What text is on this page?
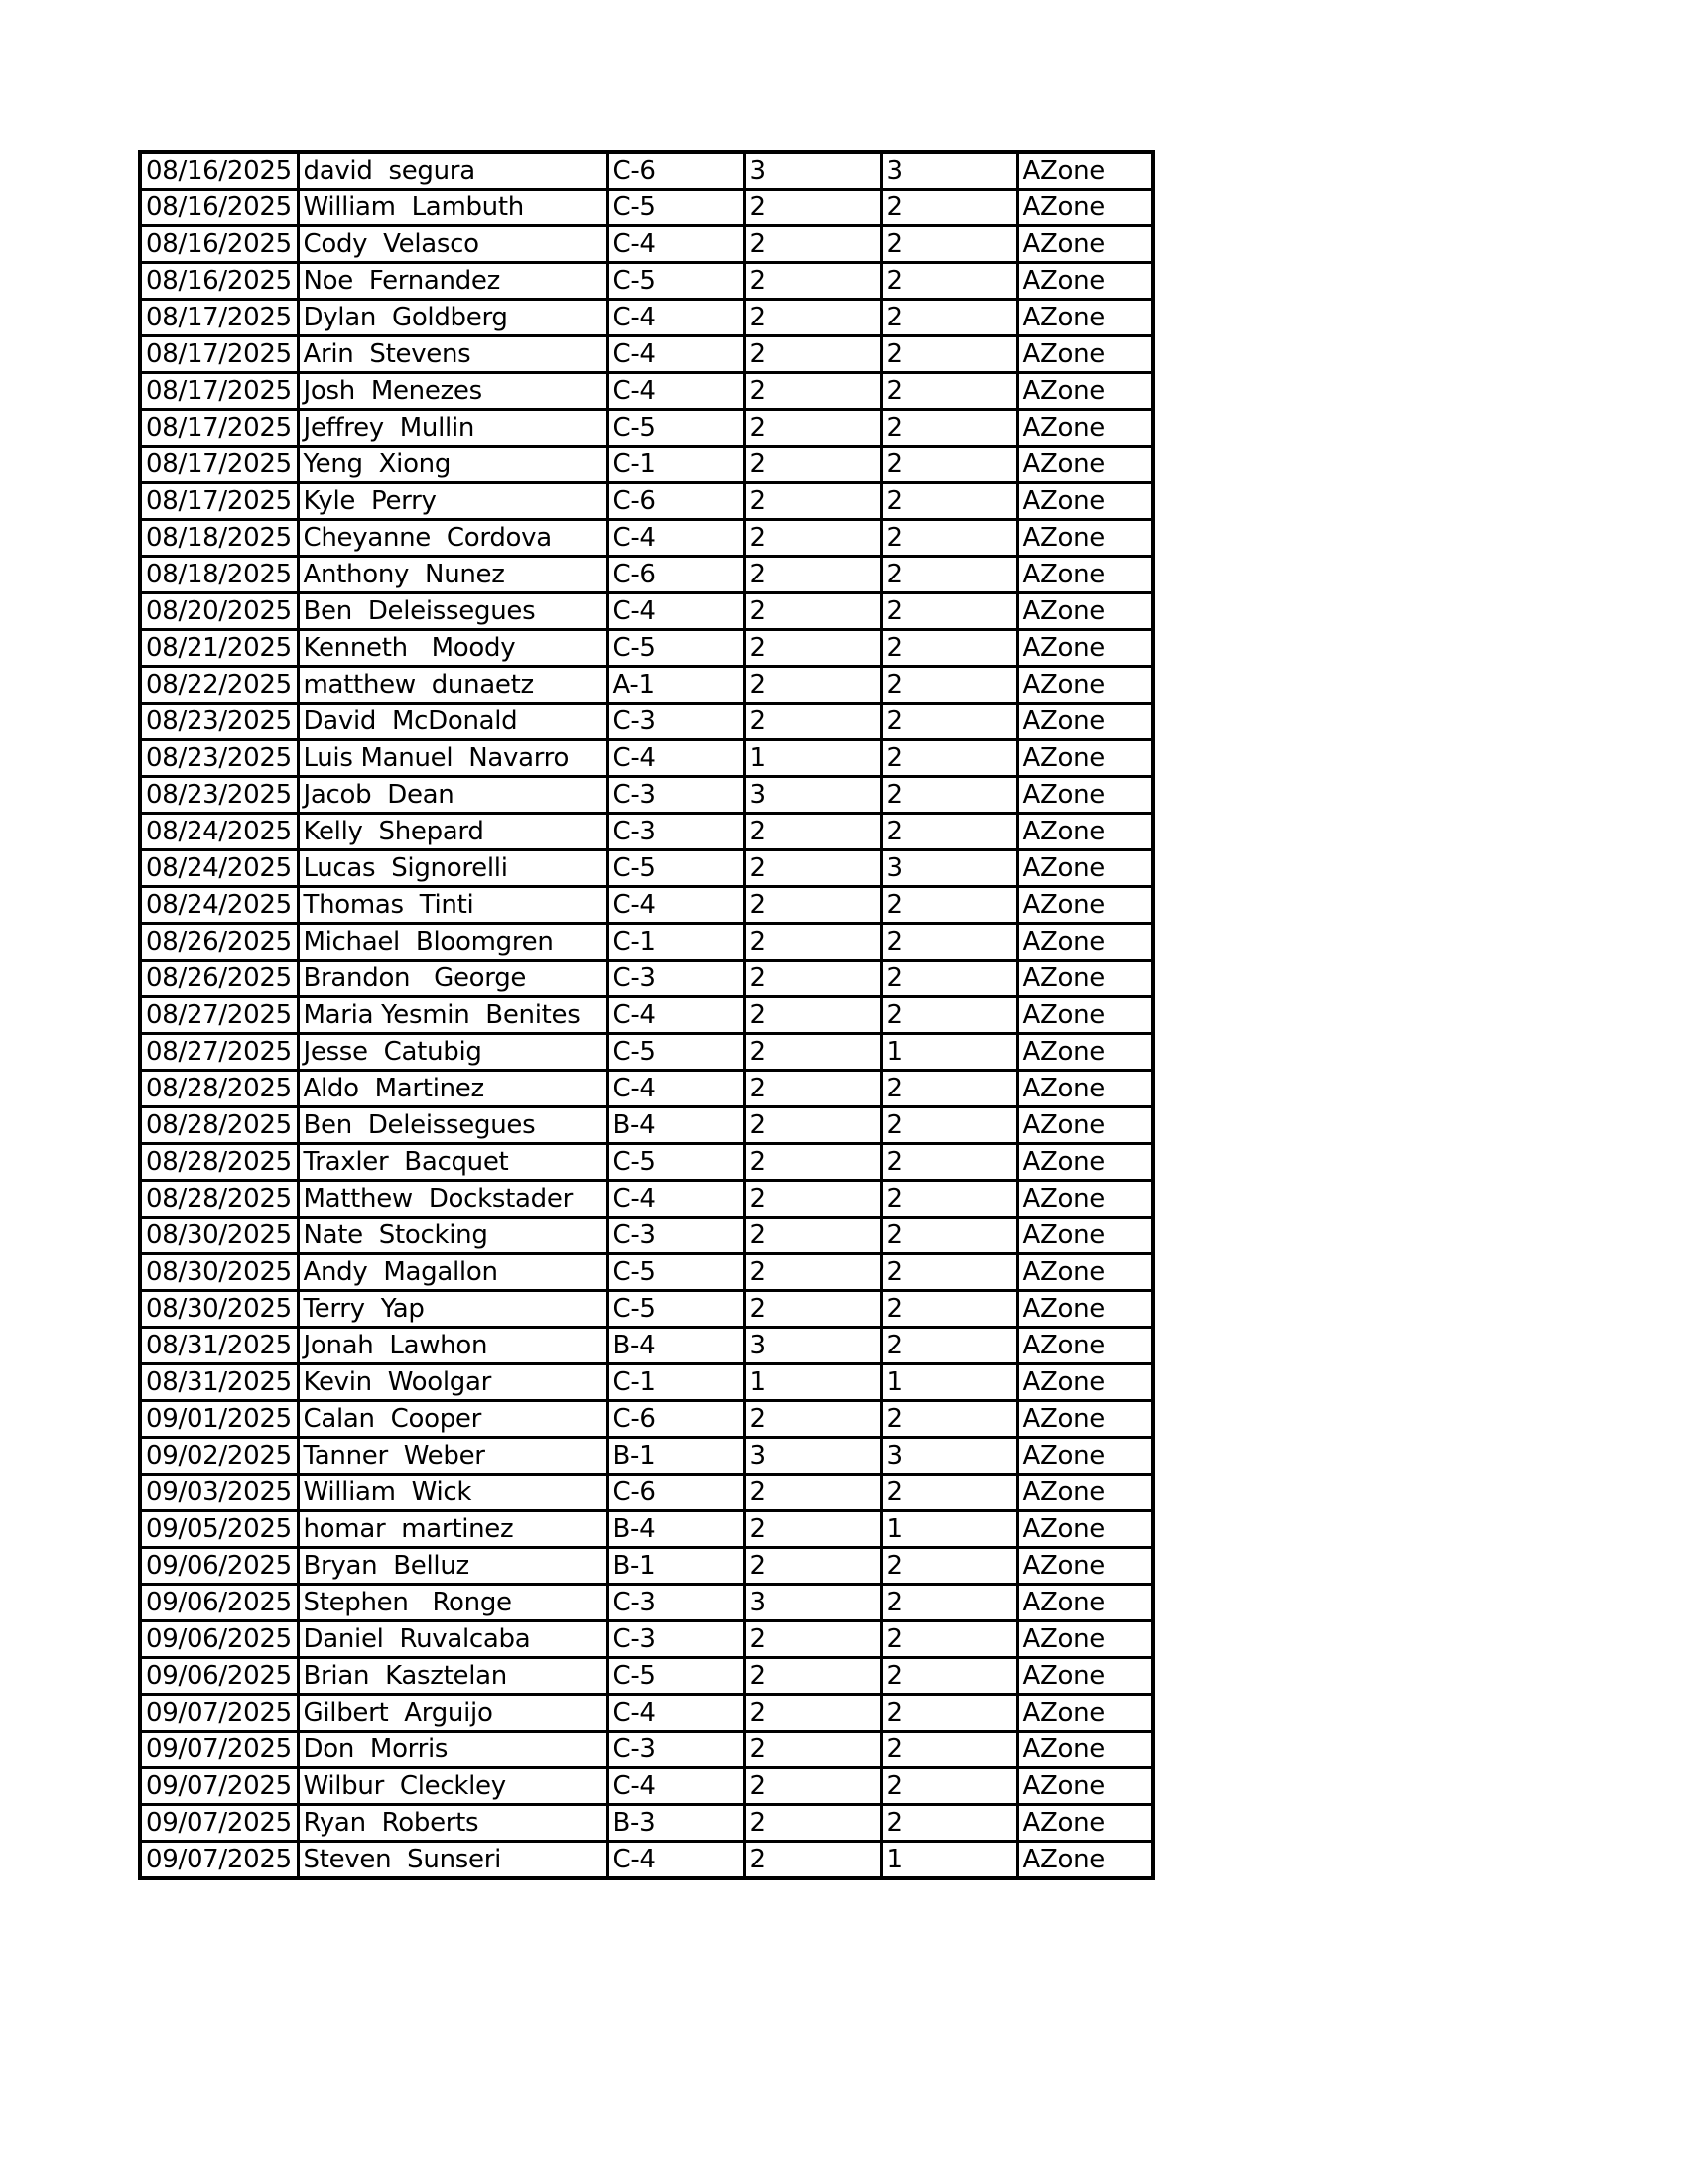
08/16/2025	david  segura	C-6	3	3	AZone
08/16/2025	William  Lambuth	C-5	2	2	AZone
08/16/2025	Cody  Velasco	C-4	2	2	AZone
08/16/2025	Noe  Fernandez	C-5	2	2	AZone
08/17/2025	Dylan  Goldberg	C-4	2	2	AZone
08/17/2025	Arin  Stevens	C-4	2	2	AZone
08/17/2025	Josh  Menezes	C-4	2	2	AZone
08/17/2025	Jeffrey  Mullin	C-5	2	2	AZone
08/17/2025	Yeng  Xiong	C-1	2	2	AZone
08/17/2025	Kyle  Perry	C-6	2	2	AZone
08/18/2025	Cheyanne  Cordova	C-4	2	2	AZone
08/18/2025	Anthony  Nunez	C-6	2	2	AZone
08/20/2025	Ben  Deleissegues	C-4	2	2	AZone
08/21/2025	Kenneth   Moody	C-5	2	2	AZone
08/22/2025	matthew  dunaetz	A-1	2	2	AZone
08/23/2025	David  McDonald	C-3	2	2	AZone
08/23/2025	Luis Manuel  Navarro	C-4	1	2	AZone
08/23/2025	Jacob  Dean	C-3	3	2	AZone
08/24/2025	Kelly  Shepard	C-3	2	2	AZone
08/24/2025	Lucas  Signorelli	C-5	2	3	AZone
08/24/2025	Thomas  Tinti	C-4	2	2	AZone
08/26/2025	Michael  Bloomgren	C-1	2	2	AZone
08/26/2025	Brandon   George	C-3	2	2	AZone
08/27/2025	Maria Yesmin  Benites	C-4	2	2	AZone
08/27/2025	Jesse  Catubig	C-5	2	1	AZone
08/28/2025	Aldo  Martinez	C-4	2	2	AZone
08/28/2025	Ben  Deleissegues	B-4	2	2	AZone
08/28/2025	Traxler  Bacquet	C-5	2	2	AZone
08/28/2025	Matthew  Dockstader	C-4	2	2	AZone
08/30/2025	Nate  Stocking	C-3	2	2	AZone
08/30/2025	Andy  Magallon	C-5	2	2	AZone
08/30/2025	Terry  Yap	C-5	2	2	AZone
08/31/2025	Jonah  Lawhon	B-4	3	2	AZone
08/31/2025	Kevin  Woolgar	C-1	1	1	AZone
09/01/2025	Calan  Cooper	C-6	2	2	AZone
09/02/2025	Tanner  Weber	B-1	3	3	AZone
09/03/2025	William  Wick	C-6	2	2	AZone
09/05/2025	homar  martinez	B-4	2	1	AZone
09/06/2025	Bryan  Belluz	B-1	2	2	AZone
09/06/2025	Stephen   Ronge	C-3	3	2	AZone
09/06/2025	Daniel  Ruvalcaba	C-3	2	2	AZone
09/06/2025	Brian  Kasztelan	C-5	2	2	AZone
09/07/2025	Gilbert  Arguijo	C-4	2	2	AZone
09/07/2025	Don  Morris	C-3	2	2	AZone
09/07/2025	Wilbur  Cleckley	C-4	2	2	AZone
09/07/2025	Ryan  Roberts	B-3	2	2	AZone
09/07/2025	Steven  Sunseri	C-4	2	1	AZone
